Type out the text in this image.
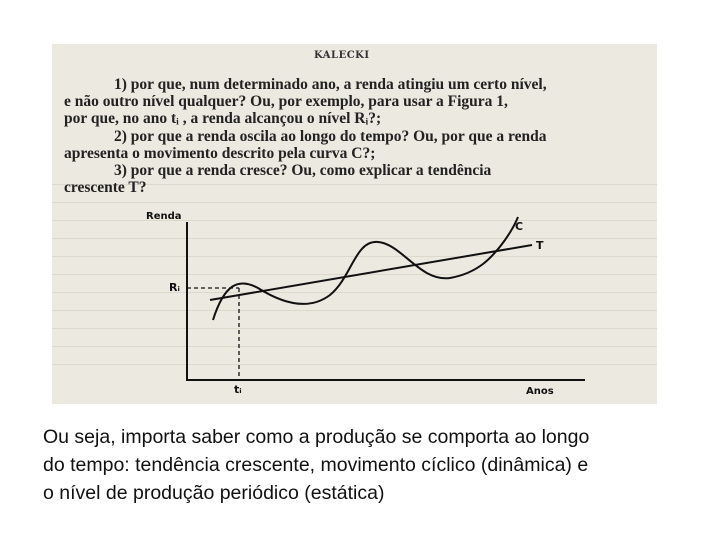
KALECKI
1) por que, num determinado ano, a renda atingiu um certo nível,
e não outro nível qualquer? Ou, por exemplo, para usar a Figura 1,
por que, no ano tᵢ , a renda alcançou o nível Rᵢ?;
2) por que a renda oscila ao longo do tempo? Ou, por que a renda
apresenta o movimento descrito pela curva C?;
3) por que a renda cresce? Ou, como explicar a tendência
crescente T?
Renda
Anos
C
T
Rᵢ
tᵢ
Ou seja, importa saber como a produção se comporta ao longo
do tempo: tendência crescente, movimento cíclico (dinâmica) e
o nível de produção periódico (estática)
